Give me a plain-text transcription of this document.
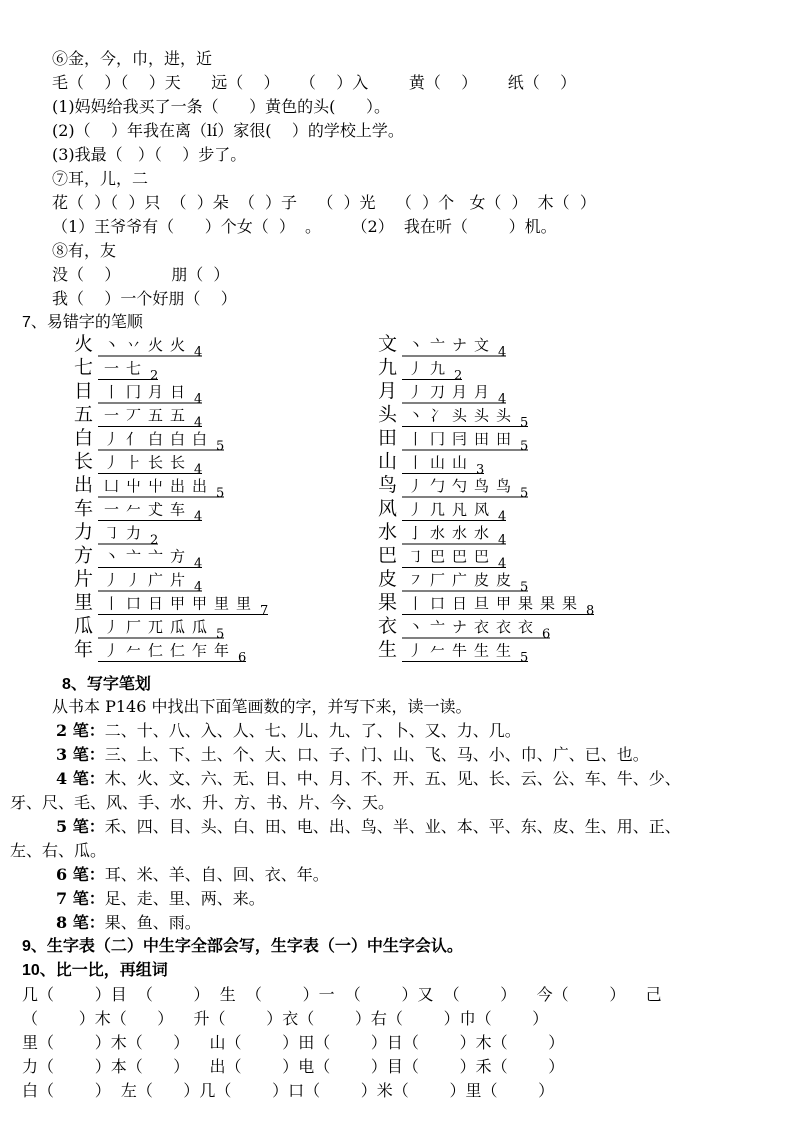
⑥金，今，巾，进，近
毛（    ）（    ）天      远（    ）    （    ）入        黄（    ）      纸（    ）
(1)妈妈给我买了一条（      ）黄色的头(      ）。
(2)（    ）年我在离（lí）家很(    ）的学校上学。
(3)我最（   ）（    ）步了。
⑦耳，儿，二
花（  ）（  ）只  （  ）朵  （  ）子    （  ）光    （  ）个   女（  ）  木（  ）
（1）王爷爷有（      ）个女（  ）  。      （2）  我在听（        ）机。
⑧有，友
没（    ）          朋（  ）
我（    ）一个好朋（    ）
7、易错字的笔顺
火 丶 丷 火 火 4
七 一 七 2
日 丨 冂 月 日 4
五 一 丆 五 五 4
白 丿 亻 白 白 白 5
长 丿 ⺊ 长 长 4
出 凵 屮 屮 出 出 5
车 一 𠂉 𠀋 车 4
力 ㇆ 力 2
方 丶 亠 亠 方 4
片 丿 丿 广 片 4
里 丨 口 日 甲 甲 里 里 7
瓜 丿 厂 兀 瓜 瓜 5
年 丿 𠂉 仁 仁 乍 年 6
文 丶 亠 ナ 文 4
九 丿 九 2
月 丿 刀 月 月 4
头 丶 冫 头 头 头 5
田 丨 冂 冃 田 田 5
山 丨 山 山 3
鸟 丿 勹 勺 鸟 鸟 5
风 丿 几 凡 风 4
水 亅 水 水 水 4
巴 ㇆ 巴 巴 巴 4
皮 ㇇ 厂 广 皮 皮 5
果 丨 口 日 旦 甲 果 果 果 8
衣 丶 亠 ナ 衣 衣 衣 6
生 丿 𠂉 牛 生 生 5
8、写字笔划
从书本 P146 中找出下面笔画数的字，并写下来，读一读。
2 笔：二、十、八、入、人、七、儿、九、了、卜、又、力、几。
3 笔：三、上、下、土、个、大、口、子、门、山、飞、马、小、巾、广、已、也。
4 笔：木、火、文、六、无、日、中、月、不、开、五、见、长、云、公、车、牛、少、
牙、尺、毛、风、手、水、升、方、书、片、今、天。
5 笔：禾、四、目、头、白、田、电、出、鸟、半、业、本、平、东、皮、生、用、正、
左、右、瓜。
6 笔：耳、米、羊、自、回、衣、年。
7 笔：足、走、里、两、来。
8 笔：果、鱼、雨。
9、生字表（二）中生字全部会写，生字表（一）中生字会认。
10、比一比，再组词
几（        ）目  （        ）  生  （        ）一  （        ）又  （        ）    今（        ）    己
（        ）木（      ）    升（        ）衣（        ）右（        ）巾（        ）
里（        ）木（      ）    山（        ）田（        ）日（        ）木（        ）
力（        ）本（      ）    出（        ）电（        ）目（        ）禾（        ）
白（        ）  左（      ）几（        ）口（        ）米（        ）里（        ）
